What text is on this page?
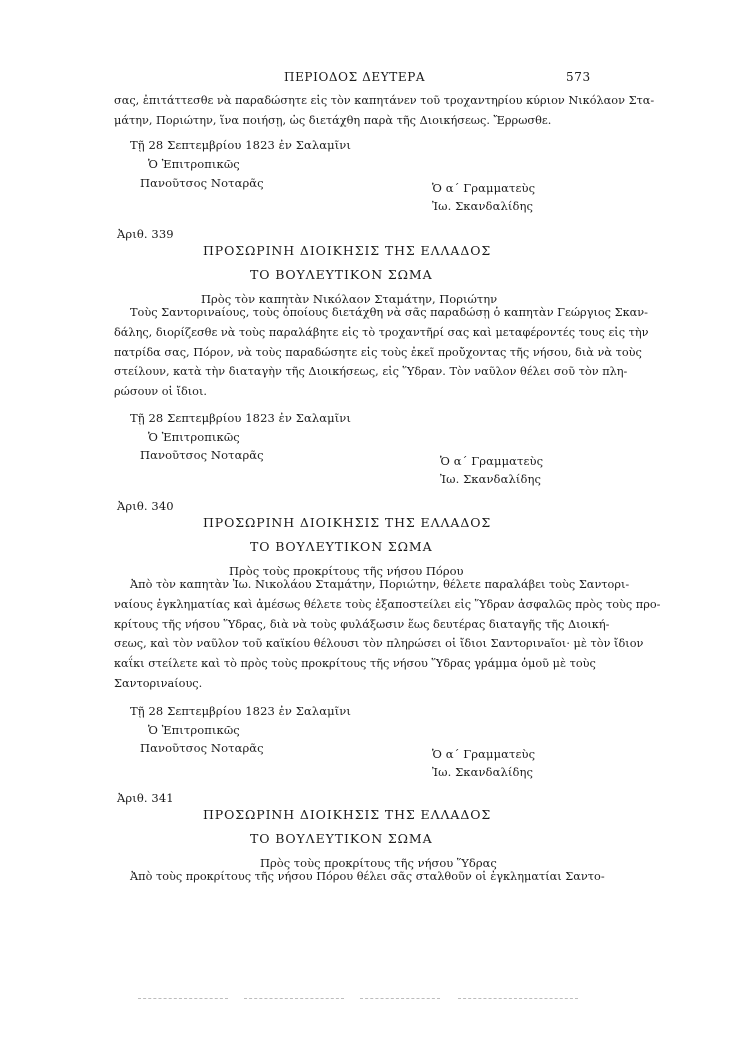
ΠΕΡΙΟΔΟΣ ΔΕΥΤΕΡΑ	573
σας, ἐπιτάττεσθε νὰ παραδώσητε εἰς τὸν καπητάνεν τοῦ τροχαντηρίου κύριον Νικόλαον Στα-
μάτην, Πoριώτην, ἵνα ποιήσῃ, ὡς διετάχθη παρὰ τῆς Διοικήσεως. Ἔρρωσθε.
Τῇ 28 Σεπτεμβρίου 1823 ἐν Σαλαμῖνι
Ὁ Ἐπιτροπικῶς
Πανοῦτσος Νοταρᾶς	Ὁ α΄ Γραμματεὺς
Ἰω. Σκανδαλίδης
Ἀριθ. 339
ΠΡΟΣΩΡΙΝΗ ΔΙΟΙΚΗΣΙΣ ΤΗΣ ΕΛΛΑΔΟΣ
ΤΟ ΒΟΥΛΕΥΤΙΚΟΝ ΣΩΜΑ
Πρὸς τὸν καπητὰν Νικόλαον Σταμάτην, Πoριώτην
Τοὺς Σαντορινaίους, τοὺς ὁποίους διετάχθη νὰ σᾶς παραδώσῃ ὁ καπητὰν Γεώργιος Σκαν-
δάλης, διορίζεσθε νὰ τοὺς παραλάβητε εἰς τὸ τροχαντῆρί σας καὶ μεταφέροντές τους εἰς τὴν
πατρίδα σας, Πόρον, νὰ τοὺς παραδώσητε εἰς τοὺς ἐκεῖ προὔχοντας τῆς νήσου, διὰ νὰ τοὺς
στείλουν, κατὰ τὴν διαταγὴν τῆς Διοικήσεως, εἰς Ὕδραν. Τὸν ναῦλον θέλει σοῦ τὸν πλη-
ρώσουν οἱ ἴδιοι.
Τῇ 28 Σεπτεμβρίου 1823 ἐν Σαλαμῖνι
Ὁ Ἐπιτροπικῶς
Πανοῦτσος Νοταρᾶς	Ὁ α΄ Γραμματεὺς
Ἰω. Σκανδαλίδης
Ἀριθ. 340
ΠΡΟΣΩΡΙΝΗ ΔΙΟΙΚΗΣΙΣ ΤΗΣ ΕΛΛΑΔΟΣ
ΤΟ ΒΟΥΛΕΥΤΙΚΟΝ ΣΩΜΑ
Πρὸς τοὺς προκρίτους τῆς νήσου Πόρου
Ἀπὸ τὸν καπητὰν Ἰω. Νικολάου Σταμάτην, Πoριώτην, θέλετε παραλάβει τοὺς Σαντορι-
ναίους ἐγκληματίας καὶ ἀμέσως θέλετε τοὺς ἐξαποστείλει εἰς Ὕδραν ἀσφαλῶς πρὸς τοὺς προ-
κρίτους τῆς νήσου Ὕδρας, διὰ νὰ τοὺς φυλάξωσιν ἕως δευτέρας διαταγῆς τῆς Διοική-
σεως, καὶ τὸν ναῦλον τοῦ καϊκίου θέλουσι τὸν πληρώσει οἱ ἴδιοι Σαντορινaῖοι· μὲ τὸν ἴδιον
καΐκι στείλετε καὶ τὸ πρὸς τοὺς προκρίτους τῆς νήσου Ὕδρας γράμμα ὁμοῦ μὲ τοὺς
Σαντορινaίους.
Τῇ 28 Σεπτεμβρίου 1823 ἐν Σαλαμῖνι
Ὁ Ἐπιτροπικῶς
Πανοῦτσος Νοταρᾶς	Ὁ α΄ Γραμματεὺς
Ἰω. Σκανδαλίδης
Ἀριθ. 341
ΠΡΟΣΩΡΙΝΗ ΔΙΟΙΚΗΣΙΣ ΤΗΣ ΕΛΛΑΔΟΣ
ΤΟ ΒΟΥΛΕΥΤΙΚΟΝ ΣΩΜΑ
Πρὸς τοὺς προκρίτους τῆς νήσου Ὕδρας
Ἀπὸ τοὺς προκρίτους τῆς νήσου Πόρου θέλει σᾶς σταλθοῦν οἱ ἐγκληματίαι Σαντο-
